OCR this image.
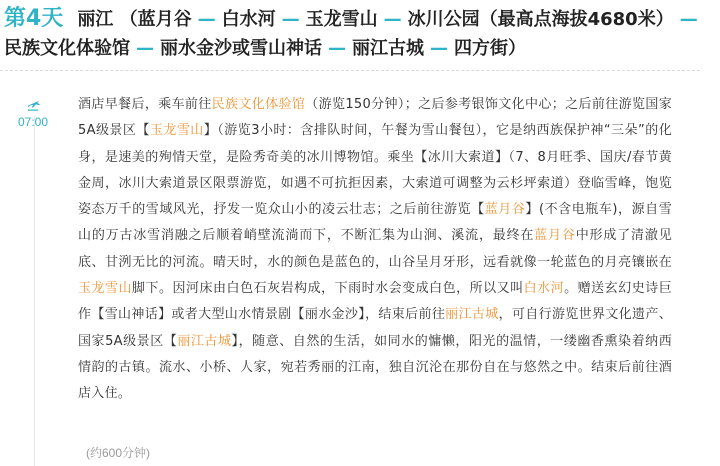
第4天 丽江 （蓝月谷 — 白水河 — 玉龙雪山 — 冰川公园（最高点海拔4680米） —
民族文化体验馆 — 丽水金沙或雪山神话 — 丽江古城 — 四方街）
07:00
酒店早餐后，乘车前往民族文化体验馆（游览150分钟）；之后参考银饰文化中心；之后前往游览国家5A级景区【玉龙雪山】（游览3小时：含排队时间，午餐为雪山餐包），它是纳西族保护神“三朵”的化身，是速美的殉情天堂，是险秀奇美的冰川博物馆。乘坐【冰川大索道】（7、8月旺季、国庆/春节黄金周，冰川大索道景区限票游览，如遇不可抗拒因素，大索道可调整为云杉坪索道）登临雪峰，饱览姿态万千的雪域风光，抒发一览众山小的凌云壮志；之后前往游览【蓝月谷】(不含电瓶车)，源自雪山的万古冰雪消融之后顺着峭壁流淌而下，不断汇集为山涧、溪流，最终在蓝月谷中形成了清澈见底、甘洌无比的河流。晴天时，水的颜色是蓝色的，山谷呈月牙形，远看就像一轮蓝色的月亮镶嵌在玉龙雪山脚下。因河床由白色石灰岩构成，下雨时水会变成白色，所以又叫白水河。赠送玄幻史诗巨作【雪山神话】或者大型山水情景剧【丽水金沙】，结束后前往丽江古城，可自行游览世界文化遗产、国家5A级景区【丽江古城】，随意、自然的生活，如同水的慵懒，阳光的温情，一缕幽香熏染着纳西情韵的古镇。流水、小桥、人家，宛若秀丽的江南，独自沉沦在那份自在与悠然之中。结束后前往酒店入住。
(约600分钟)
